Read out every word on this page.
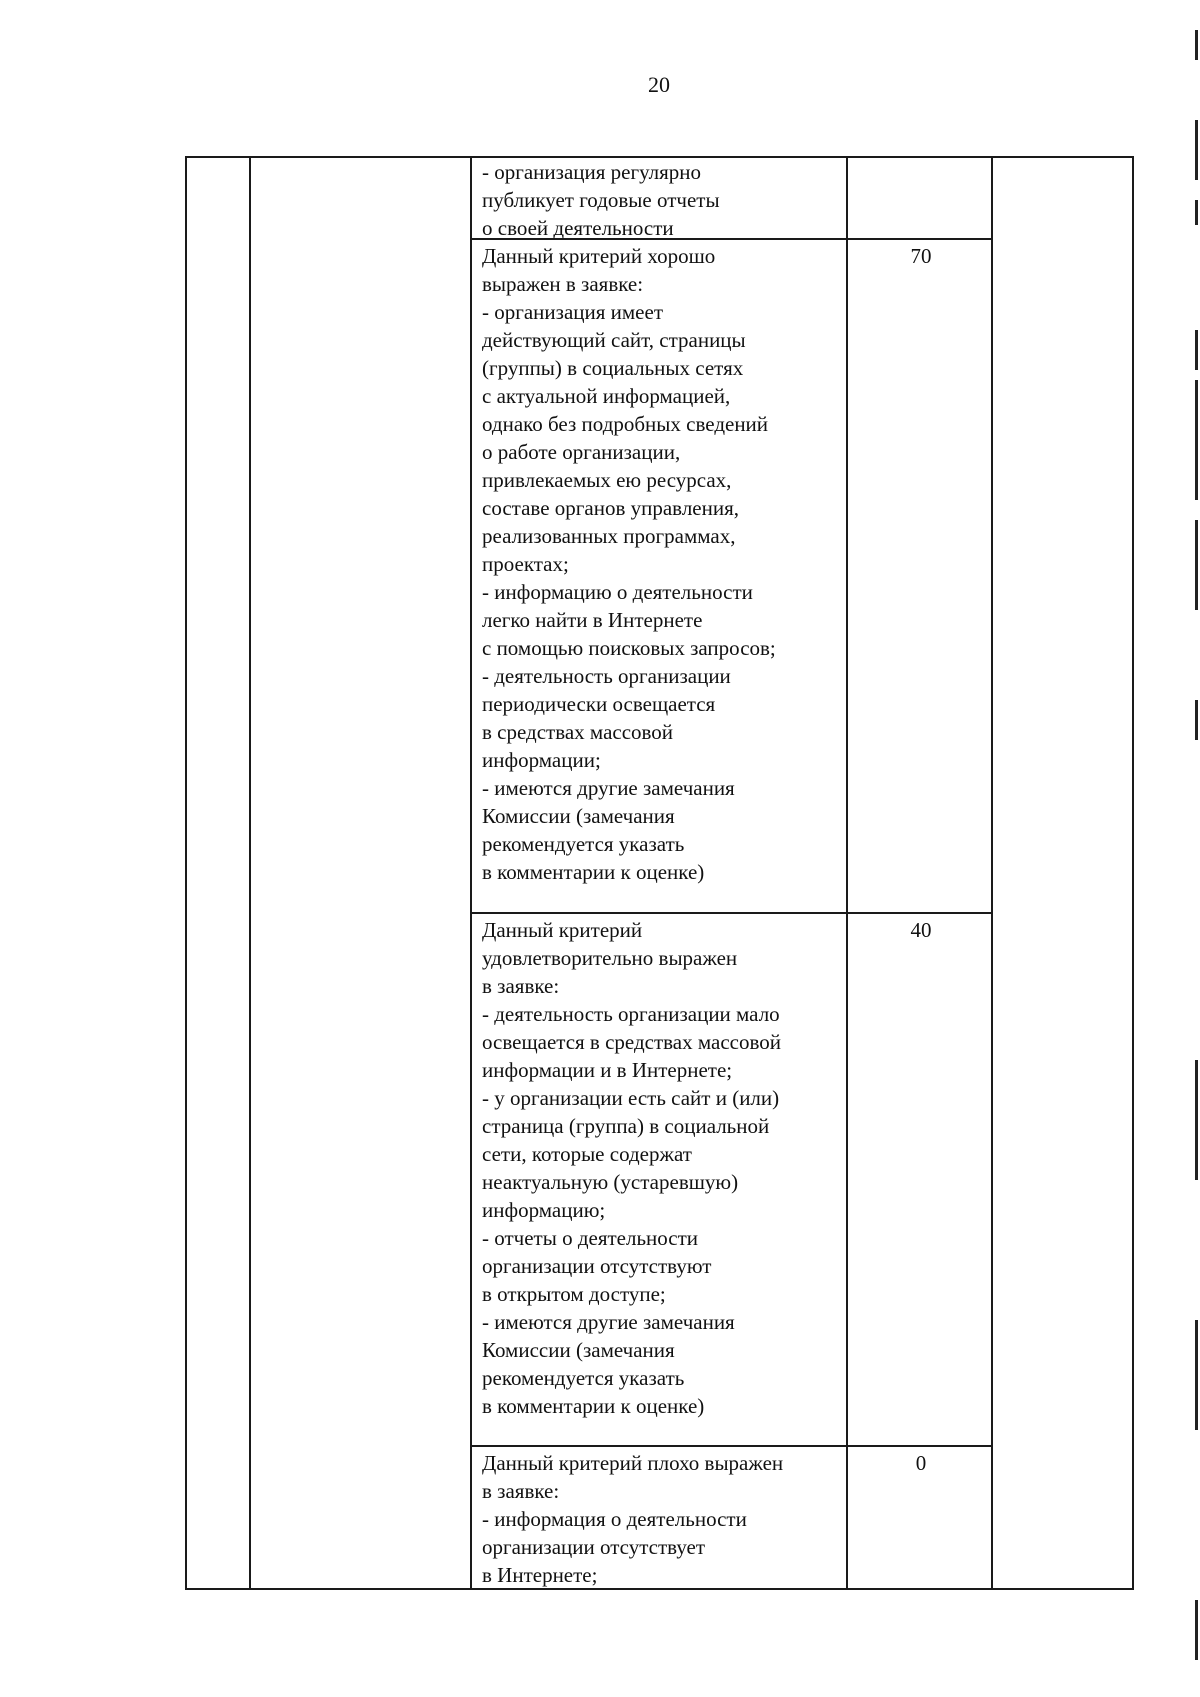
20
- организация регулярно
публикует годовые отчеты
о своей деятельности
Данный критерий хорошо
выражен в заявке:
- организация имеет
действующий сайт, страницы
(группы) в социальных сетях
с актуальной информацией,
однако без подробных сведений
о работе организации,
привлекаемых ею ресурсах,
составе органов управления,
реализованных программах,
проектах;
- информацию о деятельности
легко найти в Интернете
с помощью поисковых запросов;
- деятельность организации
периодически освещается
в средствах массовой
информации;
- имеются другие замечания
Комиссии (замечания
рекомендуется указать
в комментарии к оценке)
70
Данный критерий
удовлетворительно выражен
в заявке:
- деятельность организации мало
освещается в средствах массовой
информации и в Интернете;
- у организации есть сайт и (или)
страница (группа) в социальной
сети, которые содержат
неактуальную (устаревшую)
информацию;
- отчеты о деятельности
организации отсутствуют
в открытом доступе;
- имеются другие замечания
Комиссии (замечания
рекомендуется указать
в комментарии к оценке)
40
Данный критерий плохо выражен
в заявке:
- информация о деятельности
организации отсутствует
в Интернете;
0
